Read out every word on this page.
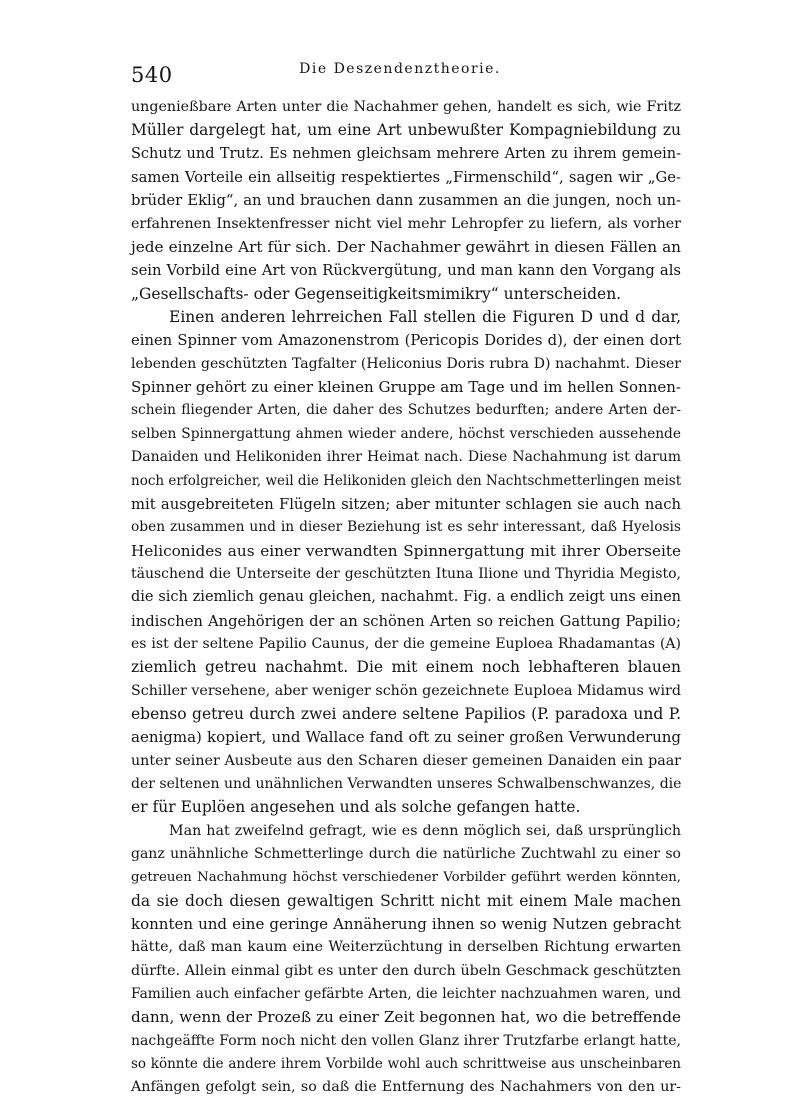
540	Die Deszendenztheorie.
ungenießbare Arten unter die Nachahmer gehen, handelt es sich, wie Fritz
Müller dargelegt hat, um eine Art unbewußter Kompagniebildung zu
Schutz und Trutz. Es nehmen gleichsam mehrere Arten zu ihrem gemein-
samen Vorteile ein allseitig respektiertes „Firmenschild“, sagen wir „Ge-
brüder Eklig“, an und brauchen dann zusammen an die jungen, noch un-
erfahrenen Insektenfresser nicht viel mehr Lehropfer zu liefern, als vorher
jede einzelne Art für sich. Der Nachahmer gewährt in diesen Fällen an
sein Vorbild eine Art von Rückvergütung, und man kann den Vorgang als
„Gesellschafts- oder Gegenseitigkeitsmimikry“ unterscheiden.
Einen anderen lehrreichen Fall stellen die Figuren D und d dar,
einen Spinner vom Amazonenstrom (Pericopis Dorides d), der einen dort
lebenden geschützten Tagfalter (Heliconius Doris rubra D) nachahmt. Dieser
Spinner gehört zu einer kleinen Gruppe am Tage und im hellen Sonnen-
schein fliegender Arten, die daher des Schutzes bedurften; andere Arten der-
selben Spinnergattung ahmen wieder andere, höchst verschieden aussehende
Danaiden und Helikoniden ihrer Heimat nach. Diese Nachahmung ist darum
noch erfolgreicher, weil die Helikoniden gleich den Nachtschmetterlingen meist
mit ausgebreiteten Flügeln sitzen; aber mitunter schlagen sie auch nach
oben zusammen und in dieser Beziehung ist es sehr interessant, daß Hyelosis
Heliconides aus einer verwandten Spinnergattung mit ihrer Oberseite
täuschend die Unterseite der geschützten Ituna Ilione und Thyridia Megisto,
die sich ziemlich genau gleichen, nachahmt. Fig. a endlich zeigt uns einen
indischen Angehörigen der an schönen Arten so reichen Gattung Papilio;
es ist der seltene Papilio Caunus, der die gemeine Euploea Rhadamantas (A)
ziemlich getreu nachahmt. Die mit einem noch lebhafteren blauen
Schiller versehene, aber weniger schön gezeichnete Euploea Midamus wird
ebenso getreu durch zwei andere seltene Papilios (P. paradoxa und P.
aenigma) kopiert, und Wallace fand oft zu seiner großen Verwunderung
unter seiner Ausbeute aus den Scharen dieser gemeinen Danaiden ein paar
der seltenen und unähnlichen Verwandten unseres Schwalbenschwanzes, die
er für Euplöen angesehen und als solche gefangen hatte.
Man hat zweifelnd gefragt, wie es denn möglich sei, daß ursprünglich
ganz unähnliche Schmetterlinge durch die natürliche Zuchtwahl zu einer so
getreuen Nachahmung höchst verschiedener Vorbilder geführt werden könnten,
da sie doch diesen gewaltigen Schritt nicht mit einem Male machen
konnten und eine geringe Annäherung ihnen so wenig Nutzen gebracht
hätte, daß man kaum eine Weiterzüchtung in derselben Richtung erwarten
dürfte. Allein einmal gibt es unter den durch übeln Geschmack geschützten
Familien auch einfacher gefärbte Arten, die leichter nachzuahmen waren, und
dann, wenn der Prozeß zu einer Zeit begonnen hat, wo die betreffende
nachgeäffte Form noch nicht den vollen Glanz ihrer Trutzfarbe erlangt hatte,
so könnte die andere ihrem Vorbilde wohl auch schrittweise aus unscheinbaren
Anfängen gefolgt sein, so daß die Entfernung des Nachahmers von den ur-
